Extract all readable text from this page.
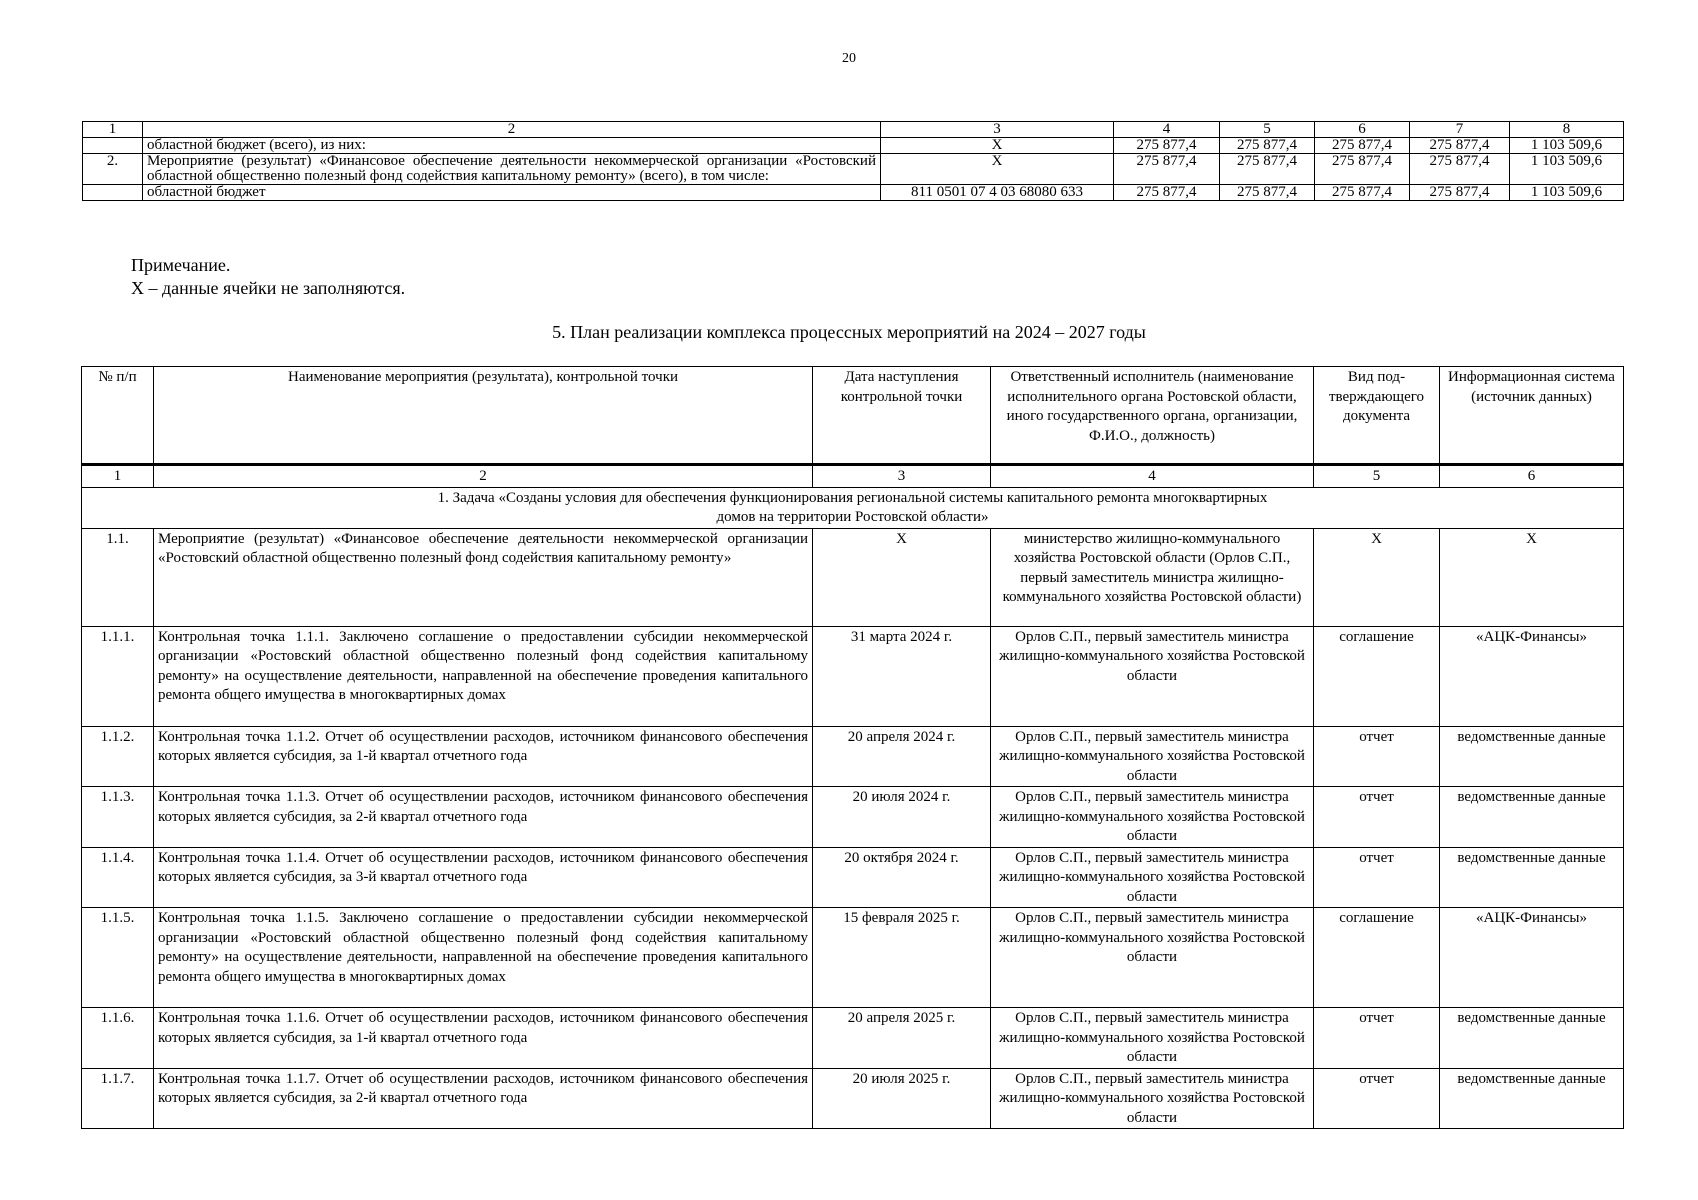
20
1	2	3	4	5	6	7	8
	областной бюджет (всего), из них:	X	275 877,4	275 877,4	275 877,4	275 877,4	1 103 509,6
2.	Мероприятие (результат) «Финансовое обеспечение деятельности некоммерческой организации «Ростовский областной общественно полезный фонд содействия капитальному ремонту» (всего), в том числе:	X	275 877,4	275 877,4	275 877,4	275 877,4	1 103 509,6
	областной бюджет	811 0501 07 4 03 68080 633	275 877,4	275 877,4	275 877,4	275 877,4	1 103 509,6
Примечание.
Х – данные ячейки не заполняются.
5. План реализации комплекса процессных мероприятий на 2024 – 2027 годы
№ п/п	Наименование мероприятия (результата), контрольной точки	Дата наступления контрольной точки	Ответственный исполнитель (наименование исполнительного органа Ростовской области, иного государственного органа, организации, Ф.И.О., должность)	Вид под-тверждающего документа	Информационная система (источник данных)
1	2	3	4	5	6
1. Задача «Созданы условия для обеспечения функционирования региональной системы капитального ремонта многоквартирных домов на территории Ростовской области»					
1.1.	Мероприятие (результат) «Финансовое обеспечение деятельности некоммерческой организации «Ростовский областной общественно полезный фонд содействия капитальному ремонту»	X	министерство жилищно-коммунального хозяйства Ростовской области (Орлов С.П., первый заместитель министра жилищно-коммунального хозяйства Ростовской области)	X	X
1.1.1.	Контрольная точка 1.1.1. Заключено соглашение о предоставлении субсидии некоммерческой организации «Ростовский областной общественно полезный фонд содействия капитальному ремонту» на осуществление деятельности, направленной на обеспечение проведения капитального ремонта общего имущества в многоквартирных домах	31 марта 2024 г.	Орлов С.П., первый заместитель министра жилищно-коммунального хозяйства Ростовской области	соглашение	«АЦК-Финансы»
1.1.2.	Контрольная точка 1.1.2. Отчет об осуществлении расходов, источником финансового обеспечения которых является субсидия, за 1-й квартал отчетного года	20 апреля 2024 г.	Орлов С.П., первый заместитель министра жилищно-коммунального хозяйства Ростовской области	отчет	ведомственные данные
1.1.3.	Контрольная точка 1.1.3. Отчет об осуществлении расходов, источником финансового обеспечения которых является субсидия, за 2-й квартал отчетного года	20 июля 2024 г.	Орлов С.П., первый заместитель министра жилищно-коммунального хозяйства Ростовской области	отчет	ведомственные данные
1.1.4.	Контрольная точка 1.1.4. Отчет об осуществлении расходов, источником финансового обеспечения которых является субсидия, за 3-й квартал отчетного года	20 октября 2024 г.	Орлов С.П., первый заместитель министра жилищно-коммунального хозяйства Ростовской области	отчет	ведомственные данные
1.1.5.	Контрольная точка 1.1.5. Заключено соглашение о предоставлении субсидии некоммерческой организации «Ростовский областной общественно полезный фонд содействия капитальному ремонту» на осуществление деятельности, направленной на обеспечение проведения капитального ремонта общего имущества в многоквартирных домах	15 февраля 2025 г.	Орлов С.П., первый заместитель министра жилищно-коммунального хозяйства Ростовской области	соглашение	«АЦК-Финансы»
1.1.6.	Контрольная точка 1.1.6. Отчет об осуществлении расходов, источником финансового обеспечения которых является субсидия, за 1-й квартал отчетного года	20 апреля 2025 г.	Орлов С.П., первый заместитель министра жилищно-коммунального хозяйства Ростовской области	отчет	ведомственные данные
1.1.7.	Контрольная точка 1.1.7. Отчет об осуществлении расходов, источником финансового обеспечения которых является субсидия, за 2-й квартал отчетного года	20 июля 2025 г.	Орлов С.П., первый заместитель министра жилищно-коммунального хозяйства Ростовской области	отчет	ведомственные данные
